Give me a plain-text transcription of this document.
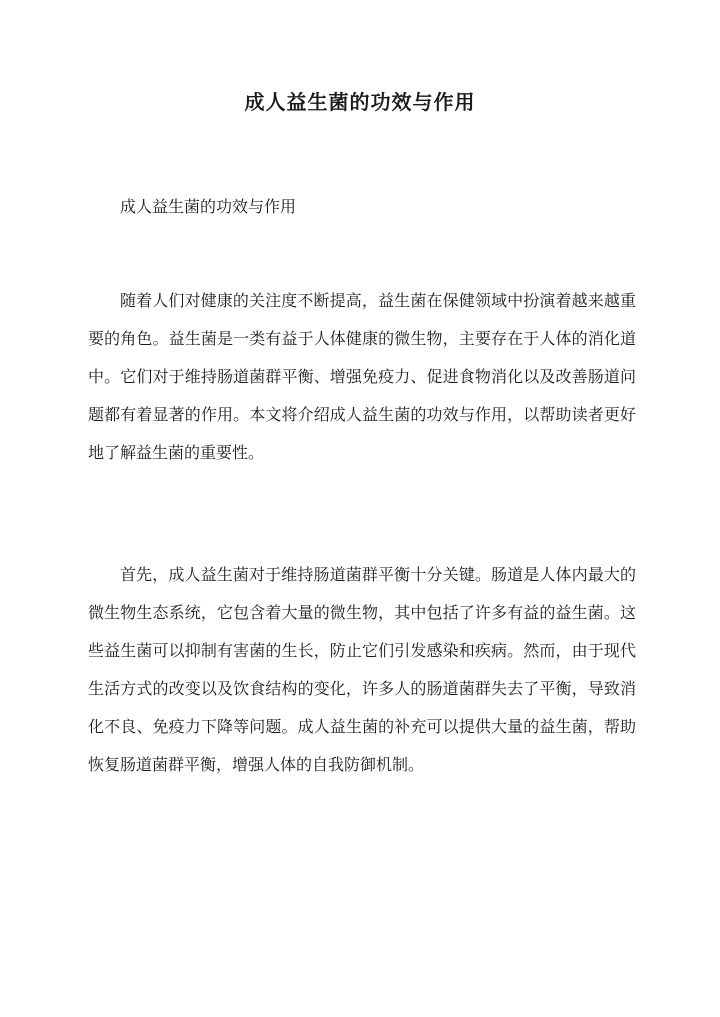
成人益生菌的功效与作用

成人益生菌的功效与作用

随着人们对健康的关注度不断提高，益生菌在保健领域中扮演着越来越重要的角色。益生菌是一类有益于人体健康的微生物，主要存在于人体的消化道中。它们对于维持肠道菌群平衡、增强免疫力、促进食物消化以及改善肠道问题都有着显著的作用。本文将介绍成人益生菌的功效与作用，以帮助读者更好地了解益生菌的重要性。

首先，成人益生菌对于维持肠道菌群平衡十分关键。肠道是人体内最大的微生物生态系统，它包含着大量的微生物，其中包括了许多有益的益生菌。这些益生菌可以抑制有害菌的生长，防止它们引发感染和疾病。然而，由于现代生活方式的改变以及饮食结构的变化，许多人的肠道菌群失去了平衡，导致消化不良、免疫力下降等问题。成人益生菌的补充可以提供大量的益生菌，帮助恢复肠道菌群平衡，增强人体的自我防御机制。
